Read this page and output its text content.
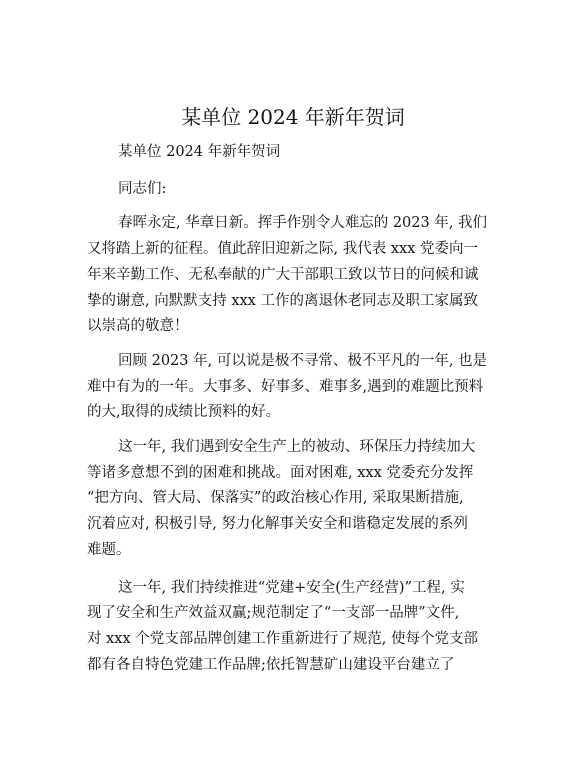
某单位 2024 年新年贺词

某单位 2024 年新年贺词

同志们:

春晖永定, 华章日新。挥手作别令人难忘的 2023 年, 我们
又将踏上新的征程。值此辞旧迎新之际, 我代表 xxx 党委向一
年来辛勤工作、无私奉献的广大干部职工致以节日的问候和诚
挚的谢意, 向默默支持 xxx 工作的离退休老同志及职工家属致
以崇高的敬意！

回顾 2023 年, 可以说是极不寻常、极不平凡的一年, 也是
难中有为的一年。大事多、好事多、难事多,遇到的难题比预料
的大,取得的成绩比预料的好。

这一年, 我们遇到安全生产上的被动、环保压力持续加大
等诸多意想不到的困难和挑战。面对困难, xxx 党委充分发挥
“把方向、管大局、保落实”的政治核心作用, 采取果断措施,
沉着应对, 积极引导, 努力化解事关安全和谐稳定发展的系列
难题。

这一年, 我们持续推进“党建+安全(生产经营)”工程, 实
现了安全和生产效益双赢;规范制定了“一支部一品牌”文件,
对 xxx 个党支部品牌创建工作重新进行了规范, 使每个党支部
都有各自特色党建工作品牌;依托智慧矿山建设平台建立了
